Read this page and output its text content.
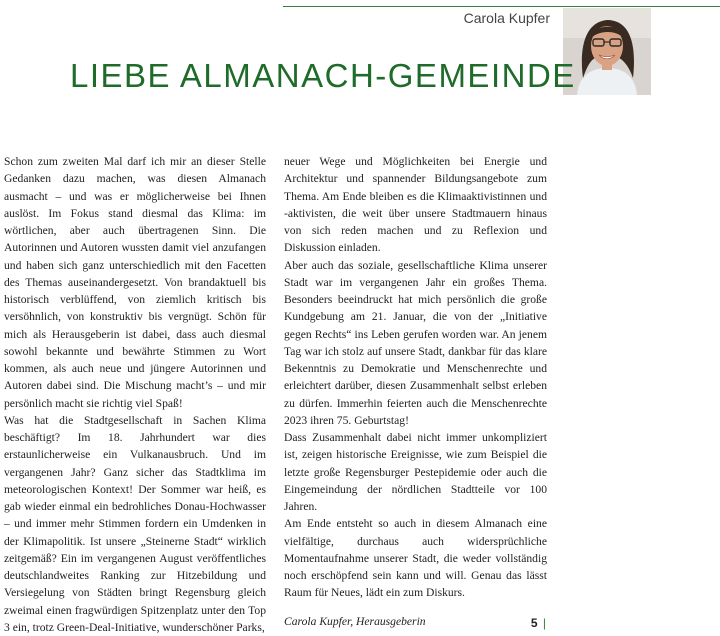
Carola Kupfer
LIEBE ALMANACH-GEMEINDE

Schon zum zweiten Mal darf ich mir an dieser Stelle Gedanken dazu machen, was diesen Almanach ausmacht – und was er möglicherweise bei Ihnen auslöst. Im Fokus stand diesmal das Klima: im wörtlichen, aber auch übertragenen Sinn. Die Autorinnen und Autoren wussten damit viel anzufangen und haben sich ganz unterschiedlich mit den Facetten des Themas auseinandergesetzt. Von brandaktuell bis historisch verblüffend, von ziemlich kritisch bis versöhnlich, von konstruktiv bis vergnügt. Schön für mich als Herausgeberin ist dabei, dass auch diesmal sowohl bekannte und bewährte Stimmen zu Wort kommen, als auch neue und jüngere Autorinnen und Autoren dabei sind. Die Mischung macht’s – und mir persönlich macht sie richtig viel Spaß!

Was hat die Stadtgesellschaft in Sachen Klima beschäftigt? Im 18. Jahrhundert war dies erstaunlicherweise ein Vulkanausbruch. Und im vergangenen Jahr? Ganz sicher das Stadtklima im meteorologischen Kontext! Der Sommer war heiß, es gab wieder einmal ein bedrohliches Donau-Hochwasser – und immer mehr Stimmen fordern ein Umdenken in der Klimapolitik. Ist unsere „Steinerne Stadt“ wirklich zeitgemäß? Ein im vergangenen August veröffentliches deutschlandweites Ranking zur Hitzebildung und Versiegelung von Städten bringt Regensburg gleich zweimal einen fragwürdigen Spitzenplatz unter den Top 3 ein, trotz Green-Deal-Initiative, wunderschöner Parks,

neuer Wege und Möglichkeiten bei Energie und Architektur und spannender Bildungsangebote zum Thema. Am Ende bleiben es die Klimaaktivistinnen und -aktivisten, die weit über unsere Stadtmauern hinaus von sich reden machen und zu Reflexion und Diskussion einladen.

Aber auch das soziale, gesellschaftliche Klima unserer Stadt war im vergangenen Jahr ein großes Thema. Besonders beeindruckt hat mich persönlich die große Kundgebung am 21. Januar, die von der „Initiative gegen Rechts“ ins Leben gerufen worden war. An jenem Tag war ich stolz auf unsere Stadt, dankbar für das klare Bekenntnis zu Demokratie und Menschenrechte und erleichtert darüber, diesen Zusammenhalt selbst erleben zu dürfen. Immerhin feierten auch die Menschenrechte 2023 ihren 75. Geburtstag!

Dass Zusammenhalt dabei nicht immer unkompliziert ist, zeigen historische Ereignisse, wie zum Beispiel die letzte große Regensburger Pestepidemie oder auch die Eingemeindung der nördlichen Stadtteile vor 100 Jahren.

Am Ende entsteht so auch in diesem Almanach eine vielfältige, durchaus auch widersprüchliche Momentaufnahme unserer Stadt, die weder vollständig noch erschöpfend sein kann und will. Genau das lässt Raum für Neues, lädt ein zum Diskurs.

Carola Kupfer, Herausgeberin	5 |
